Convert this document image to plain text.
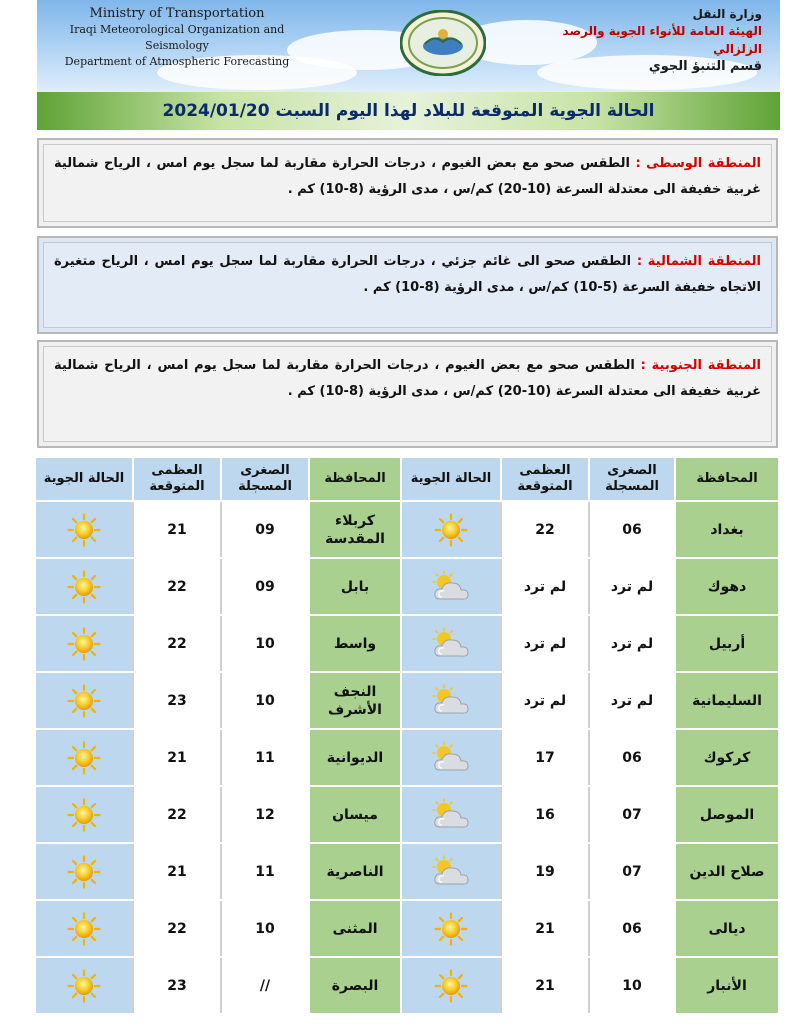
Ministry of Transportation
Iraqi Meteorological Organization and Seismology
Department of Atmospheric Forecasting
وزارة النقل
الهيئة العامة للأنواء الجوية والرصد الزلزالي
قسم التنبؤ الجوي
الحالة الجوية المتوقعة للبلاد لهذا اليوم السبت 2024/01/20
المنطقة الوسطى : الطقس صحو مع بعض الغيوم ، درجات الحرارة مقاربة لما سجل يوم امس ، الرياح شمالية غربية خفيفة الى معتدلة السرعة (10-20) كم/س ، مدى الرؤية (8-10) كم .
المنطقة الشمالية : الطقس صحو الى غائم جزئي ، درجات الحرارة مقاربة لما سجل يوم امس ، الرياح متغيرة الاتجاه خفيفة السرعة (5-10) كم/س ، مدى الرؤية (8-10) كم .
المنطقة الجنوبية : الطقس صحو مع بعض الغيوم ، درجات الحرارة مقاربة لما سجل يوم امس ، الرياح شمالية غربية خفيفة الى معتدلة السرعة (10-20) كم/س ، مدى الرؤية (8-10) كم .
المحافظة	الصغرى المسجلة	العظمى المتوقعة	الحالة الجوية	المحافظة	الصغرى المسجلة	العظمى المتوقعة	الحالة الجوية
بغداد	06	22		كربلاء المقدسة	09	21	

دهوك	لم ترد	لم ترد		بابل	09	22	

أربيل	لم ترد	لم ترد		واسط	10	22	

السليمانية	لم ترد	لم ترد		النجف الأشرف	10	23	

كركوك	06	17		الديوانية	11	21	

الموصل	07	16		ميسان	12	22	

صلاح الدين	07	19		الناصرية	11	21	

ديالى	06	21		المثنى	10	22	

الأنبار	10	21		البصرة	//	23	
